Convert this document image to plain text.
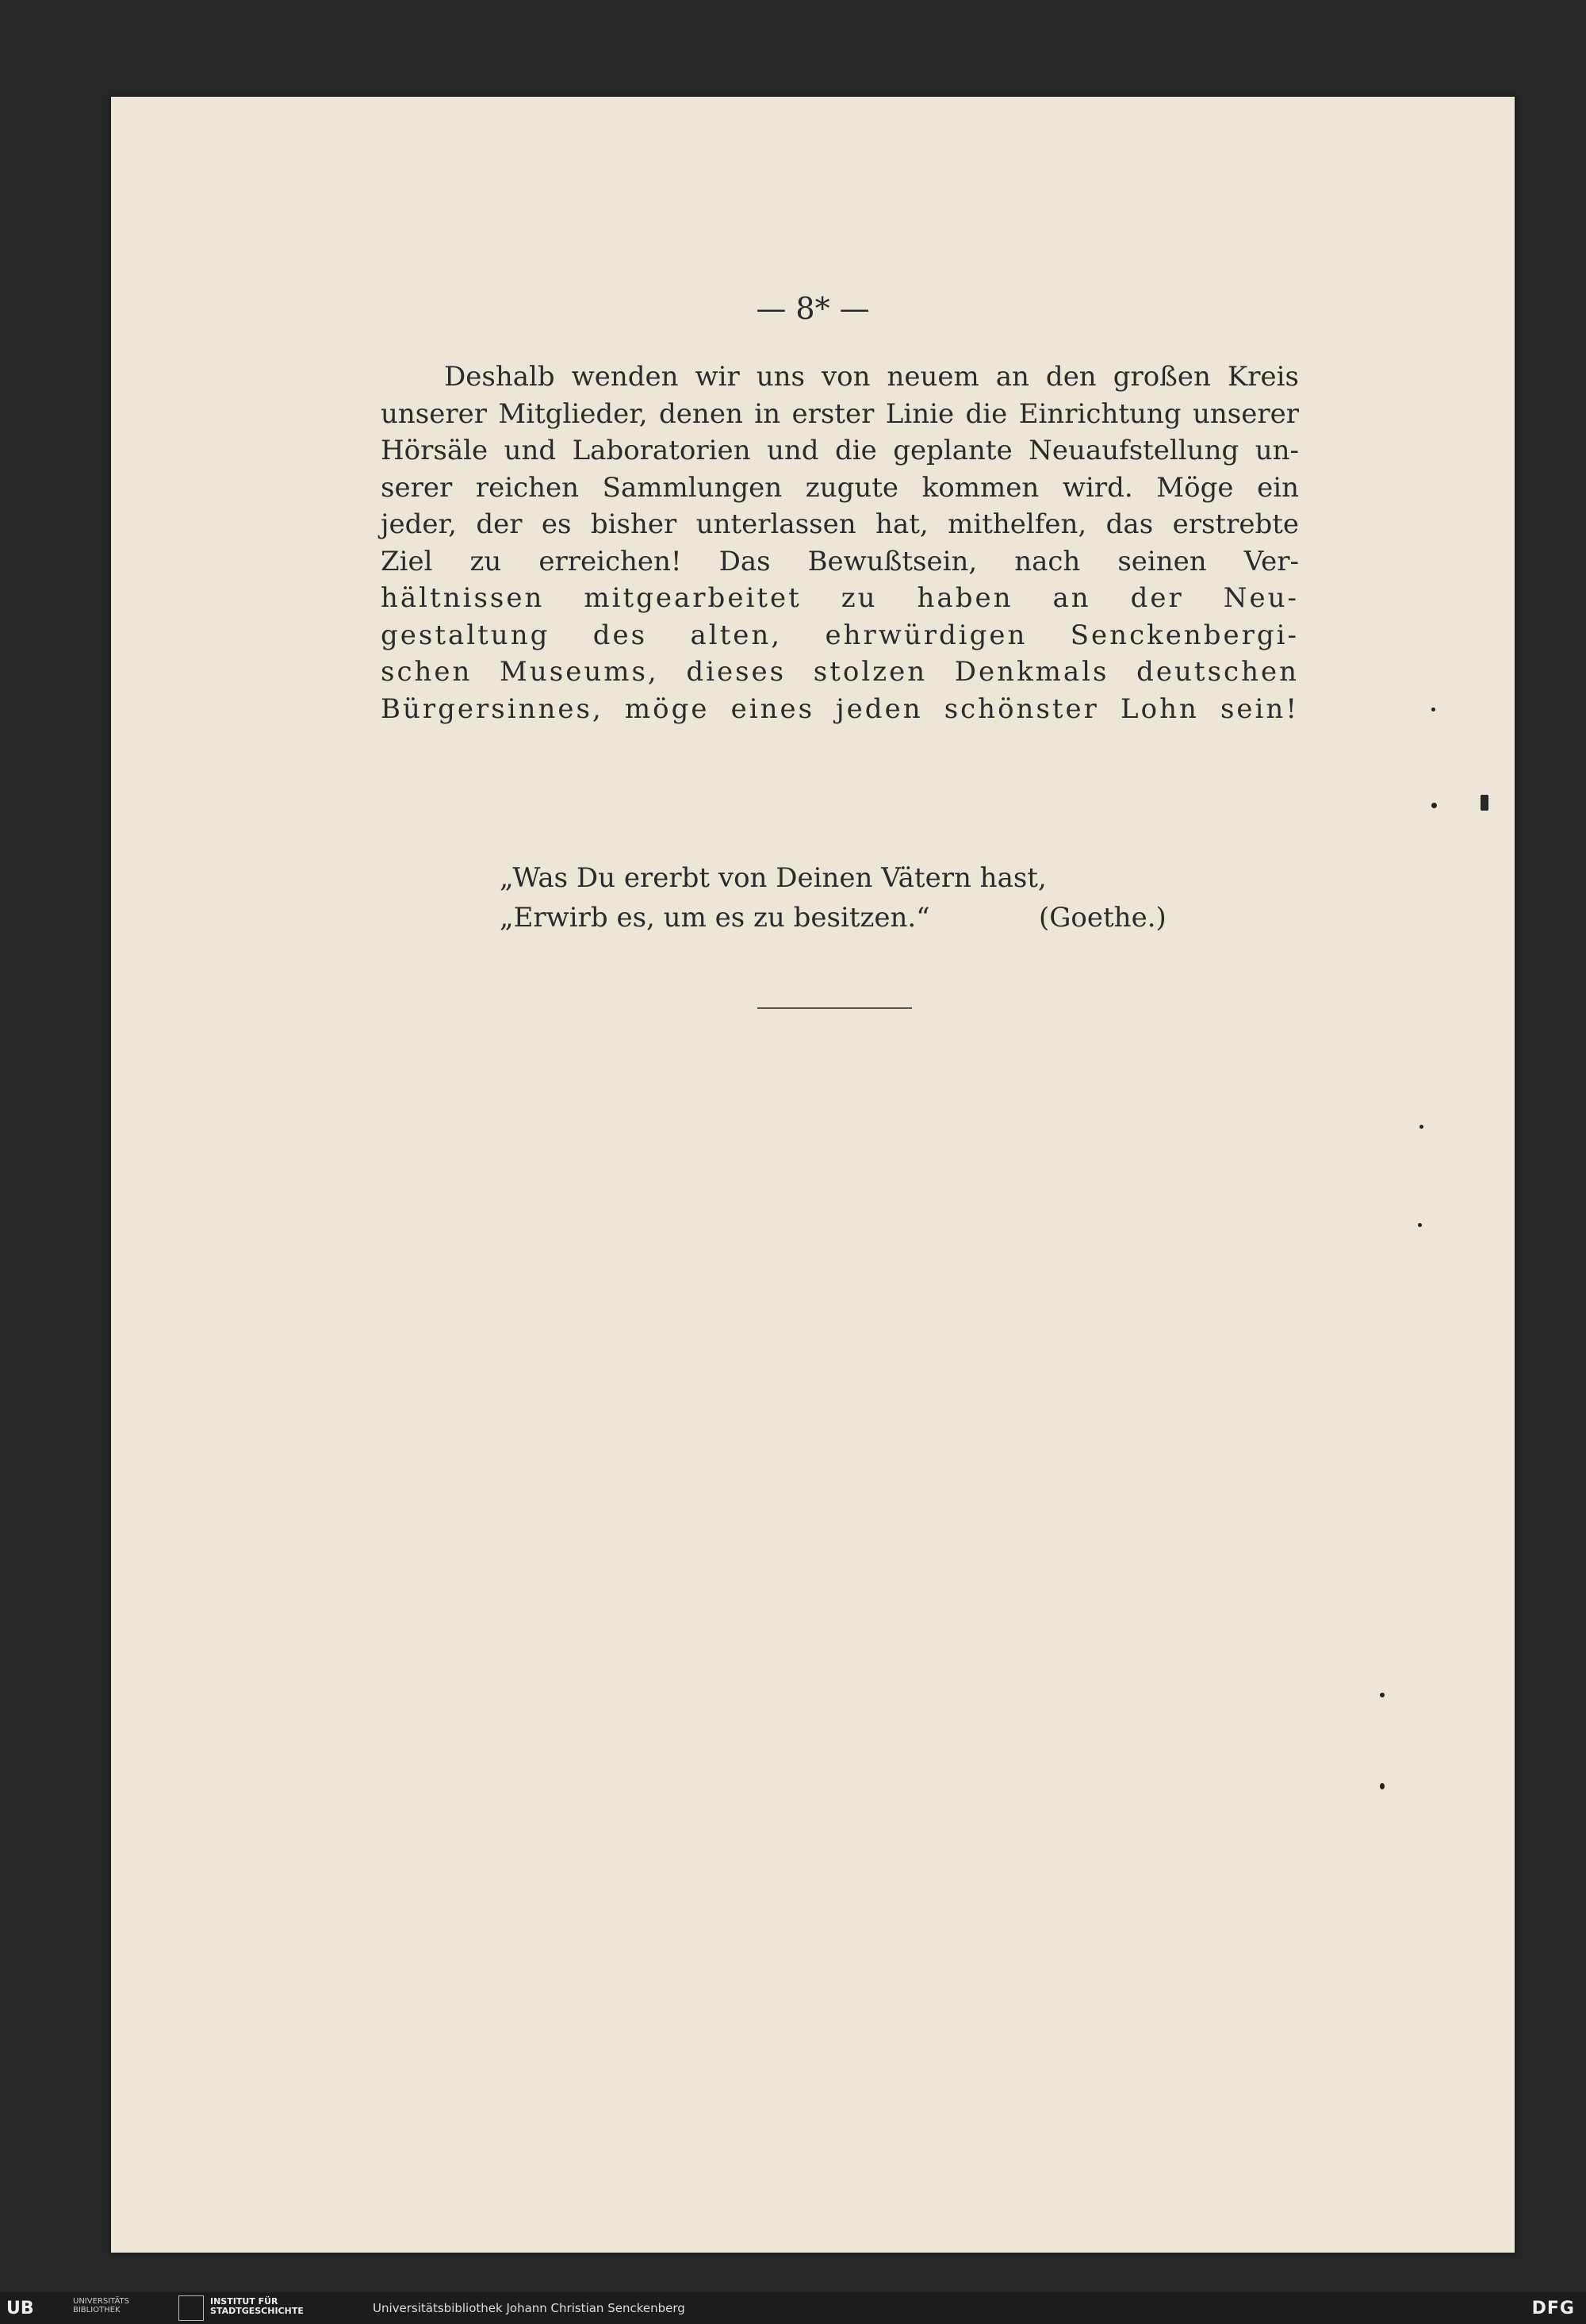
— 8* —
Deshalb wenden wir uns von neuem an den großen Kreis
unserer Mitglieder, denen in erster Linie die Einrichtung unserer
Hörsäle und Laboratorien und die geplante Neuaufstellung un-
serer reichen Sammlungen zugute kommen wird. Möge ein
jeder, der es bisher unterlassen hat, mithelfen, das erstrebte
Ziel zu erreichen! Das Bewußtsein, nach seinen Ver-
hältnissen mitgearbeitet zu haben an der Neu-
gestaltung des alten, ehrwürdigen Senckenbergi-
schen Museums, dieses stolzen Denkmals deutschen
Bürgersinnes, möge eines jeden schönster Lohn sein!
„Was Du ererbt von Deinen Vätern hast,
„Erwirb es, um es zu besitzen.“	(Goethe.)
UB	UNIVERSITÄTS
BIBLIOTHEK
INSTITUT FÜR
STADTGESCHICHTE	Universitätsbibliothek Johann Christian Senckenberg	DFG
